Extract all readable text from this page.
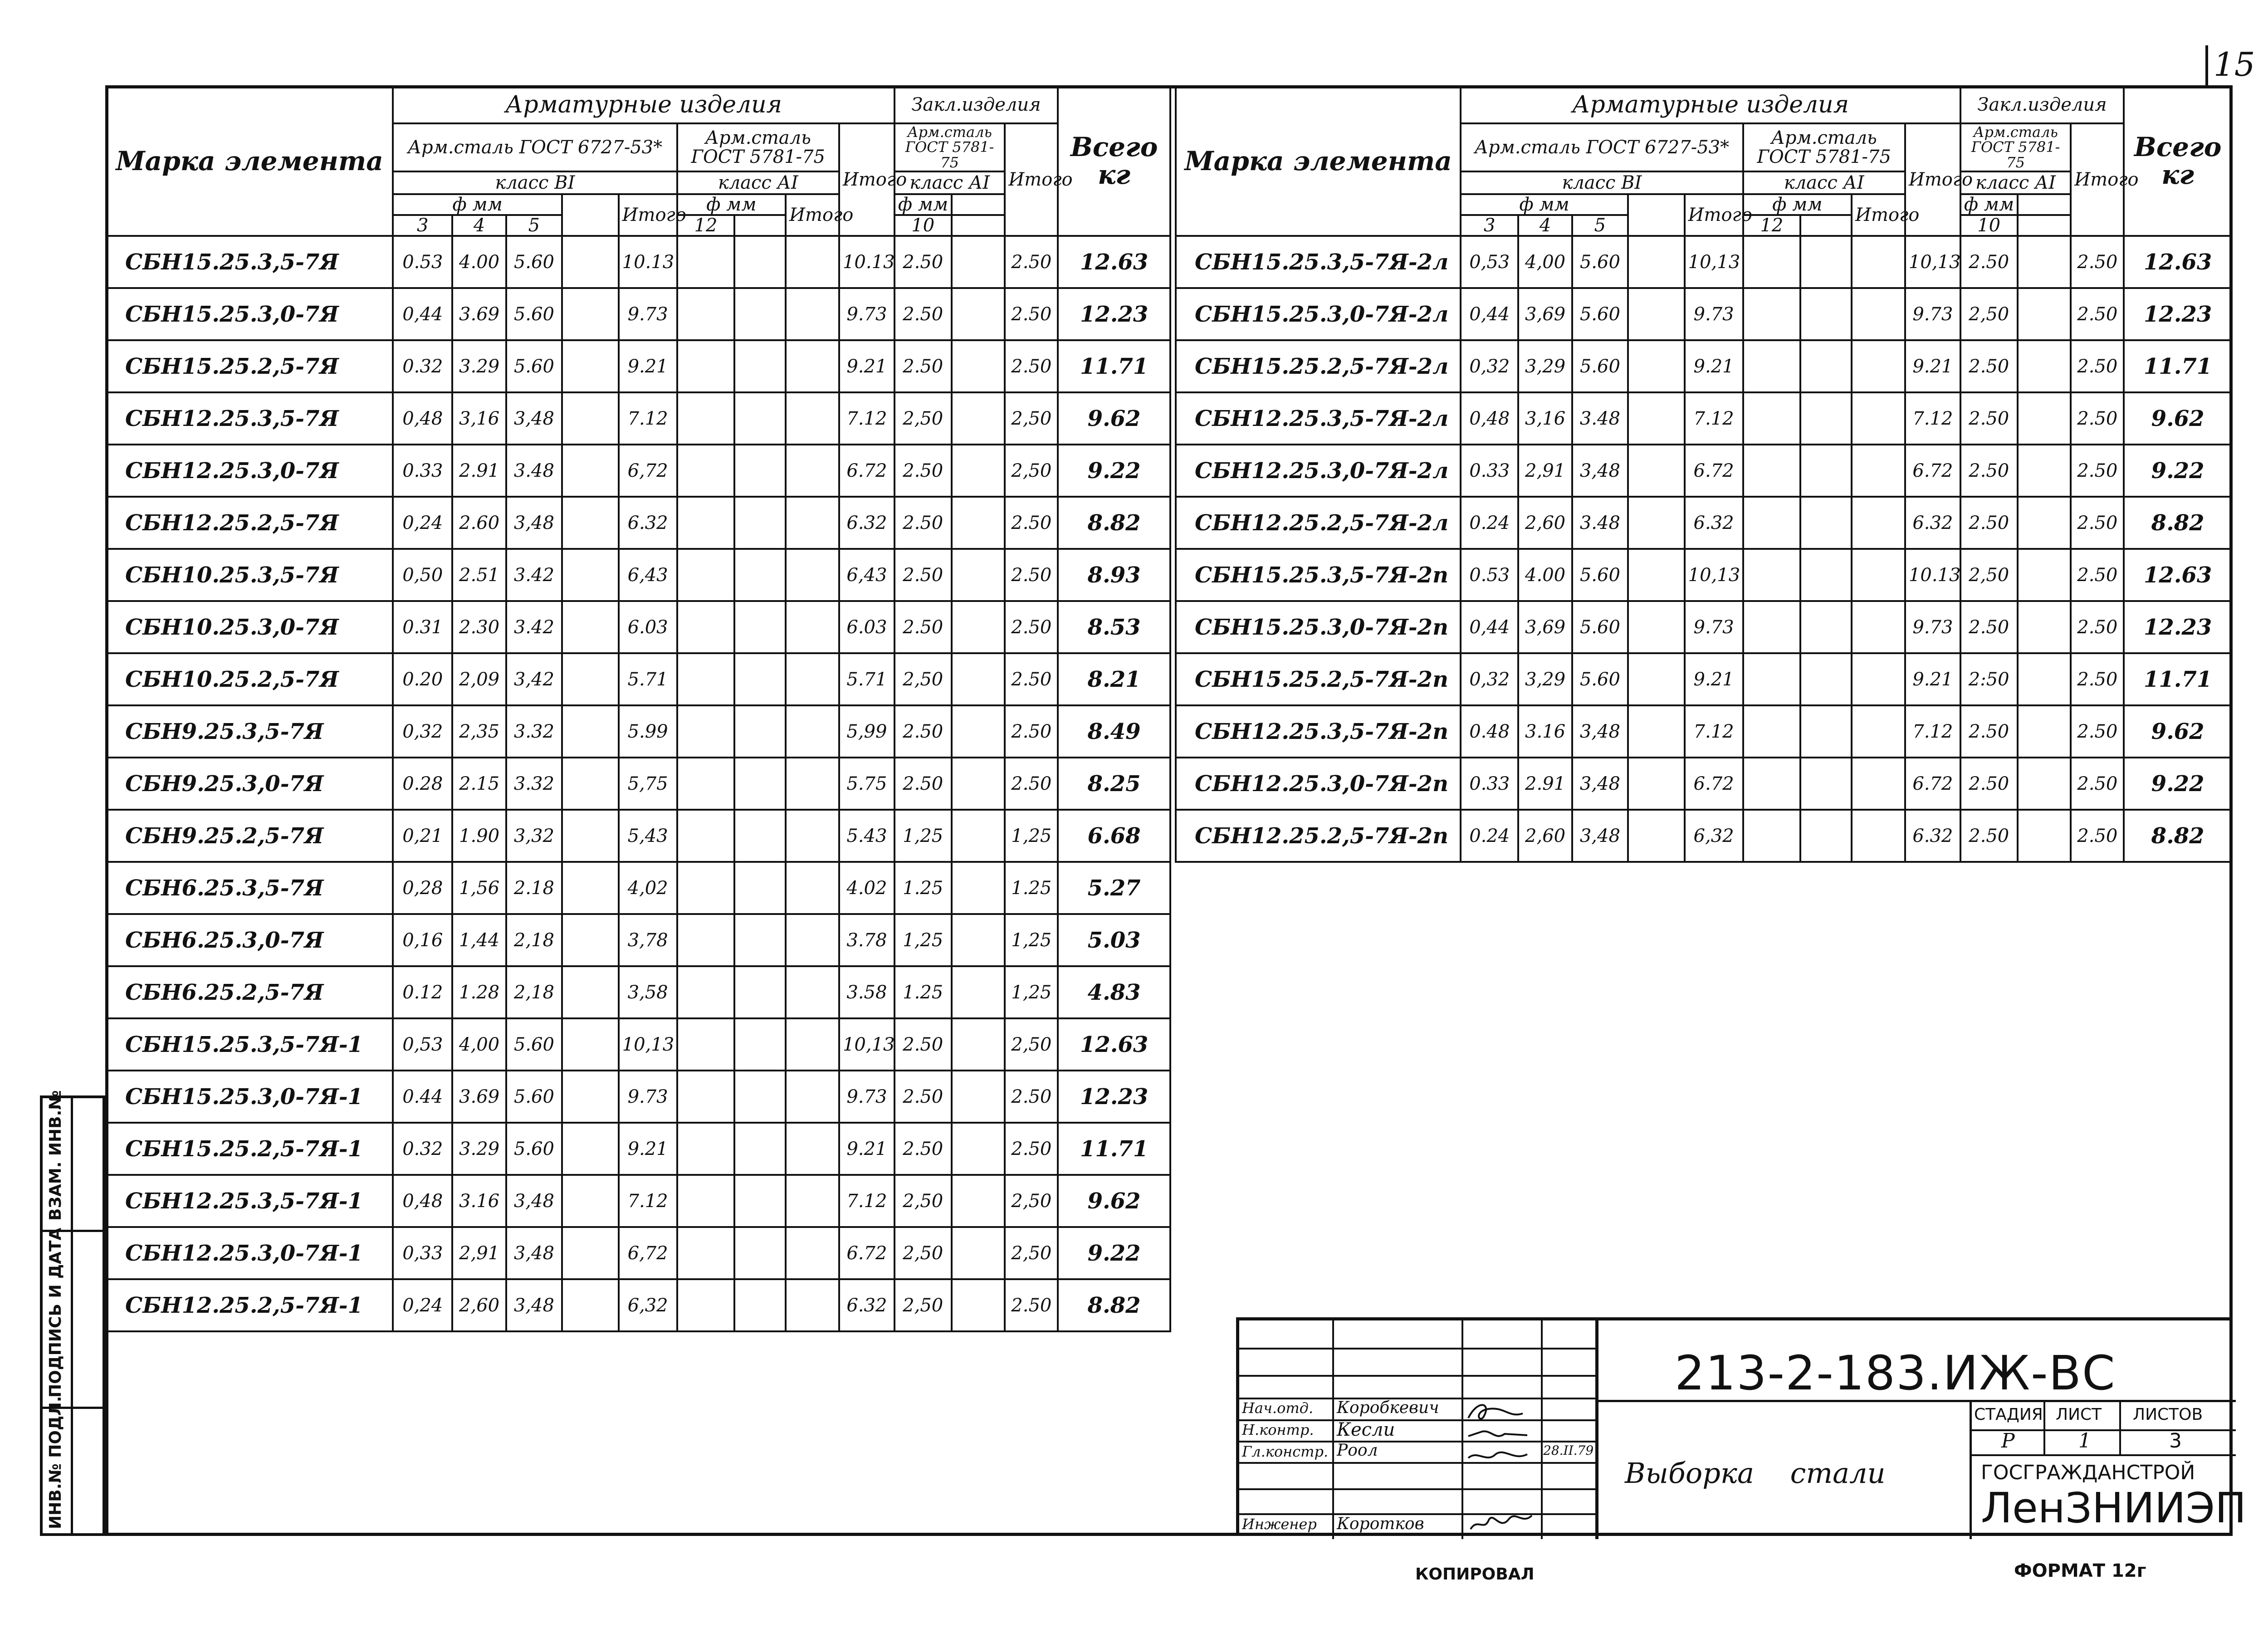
15
Марка элемента	Арматурные изделия									Закл.изделия			Всего кг
	Арм.сталь ГОСТ 6727-53*					Арм.сталь ГОСТ 5781-75			Итого	Арм.сталь ГОСТ 5781-75		Итого	
	класс ВI					класс АI				класс АI			
	ф мм				Итого	ф мм		Итого		ф мм			
	3	4	5			12				10			
СБН15.25.3,5-7Я	0.53	4.00	5.60		10.13				10.13	2.50		2.50	12.63
СБН15.25.3,0-7Я	0,44	3.69	5.60		9.73				9.73	2.50		2.50	12.23
СБН15.25.2,5-7Я	0.32	3.29	5.60		9.21				9.21	2.50		2.50	11.71
СБН12.25.3,5-7Я	0,48	3,16	3,48		7.12				7.12	2,50		2,50	9.62
СБН12.25.3,0-7Я	0.33	2.91	3.48		6,72				6.72	2.50		2,50	9.22
СБН12.25.2,5-7Я	0,24	2.60	3,48		6.32				6.32	2.50		2.50	8.82
СБН10.25.3,5-7Я	0,50	2.51	3.42		6,43				6,43	2.50		2.50	8.93
СБН10.25.3,0-7Я	0.31	2.30	3.42		6.03				6.03	2.50		2.50	8.53
СБН10.25.2,5-7Я	0.20	2,09	3,42		5.71				5.71	2,50		2.50	8.21
СБН9.25.3,5-7Я	0,32	2,35	3.32		5.99				5,99	2.50		2.50	8.49
СБН9.25.3,0-7Я	0.28	2.15	3.32		5,75				5.75	2.50		2.50	8.25
СБН9.25.2,5-7Я	0,21	1.90	3,32		5,43				5.43	1,25		1,25	6.68
СБН6.25.3,5-7Я	0,28	1,56	2.18		4,02				4.02	1.25		1.25	5.27
СБН6.25.3,0-7Я	0,16	1,44	2,18		3,78				3.78	1,25		1,25	5.03
СБН6.25.2,5-7Я	0.12	1.28	2,18		3,58				3.58	1.25		1,25	4.83
СБН15.25.3,5-7Я-1	0,53	4,00	5.60		10,13				10,13	2.50		2,50	12.63
СБН15.25.3,0-7Я-1	0.44	3.69	5.60		9.73				9.73	2.50		2.50	12.23
СБН15.25.2,5-7Я-1	0.32	3.29	5.60		9.21				9.21	2.50		2.50	11.71
СБН12.25.3,5-7Я-1	0,48	3.16	3,48		7.12				7.12	2,50		2,50	9.62
СБН12.25.3,0-7Я-1	0,33	2,91	3,48		6,72				6.72	2,50		2,50	9.22
СБН12.25.2,5-7Я-1	0,24	2,60	3,48		6,32				6.32	2,50		2.50	8.82
Марка элемента	Арматурные изделия									Закл.изделия			Всего кг
	Арм.сталь ГОСТ 6727-53*					Арм.сталь ГОСТ 5781-75			Итого	Арм.сталь ГОСТ 5781-75		Итого	
	класс ВI					класс АI				класс АI			
	ф мм				Итого	ф мм		Итого		ф мм			
	3	4	5			12				10			
СБН15.25.3,5-7Я-2л	0,53	4,00	5.60		10,13				10,13	2.50		2.50	12.63
СБН15.25.3,0-7Я-2л	0,44	3,69	5.60		9.73				9.73	2,50		2.50	12.23
СБН15.25.2,5-7Я-2л	0,32	3,29	5.60		9.21				9.21	2.50		2.50	11.71
СБН12.25.3,5-7Я-2л	0,48	3,16	3.48		7.12				7.12	2.50		2.50	9.62
СБН12.25.3,0-7Я-2л	0.33	2,91	3,48		6.72				6.72	2.50		2.50	9.22
СБН12.25.2,5-7Я-2л	0.24	2,60	3.48		6.32				6.32	2.50		2.50	8.82
СБН15.25.3,5-7Я-2п	0.53	4.00	5.60		10,13				10.13	2,50		2.50	12.63
СБН15.25.3,0-7Я-2п	0,44	3,69	5.60		9.73				9.73	2.50		2.50	12.23
СБН15.25.2,5-7Я-2п	0,32	3,29	5.60		9.21				9.21	2:50		2.50	11.71
СБН12.25.3,5-7Я-2п	0.48	3.16	3,48		7.12				7.12	2.50		2.50	9.62
СБН12.25.3,0-7Я-2п	0.33	2.91	3,48		6.72				6.72	2.50		2.50	9.22
СБН12.25.2,5-7Я-2п	0.24	2,60	3,48		6,32				6.32	2.50		2.50	8.82
ВЗАМ. ИНВ.№
ПОДПИСЬ И ДАТА
ИНВ.№ ПОДЛ.	Нач.отд. Коробкевич
Н.контр. Кесли
Гл.констр. Роол	28.II.79
Инженер Коротков
213-2-183.ИЖ-ВС
Выборка стали
СТАДИЯ ЛИСТ ЛИСТОВ
Р	1	3
ГОСГРАЖДАНСТРОЙ
ЛенЗНИИЭП
КОПИРОВАЛ	ФОРМАТ 12г
